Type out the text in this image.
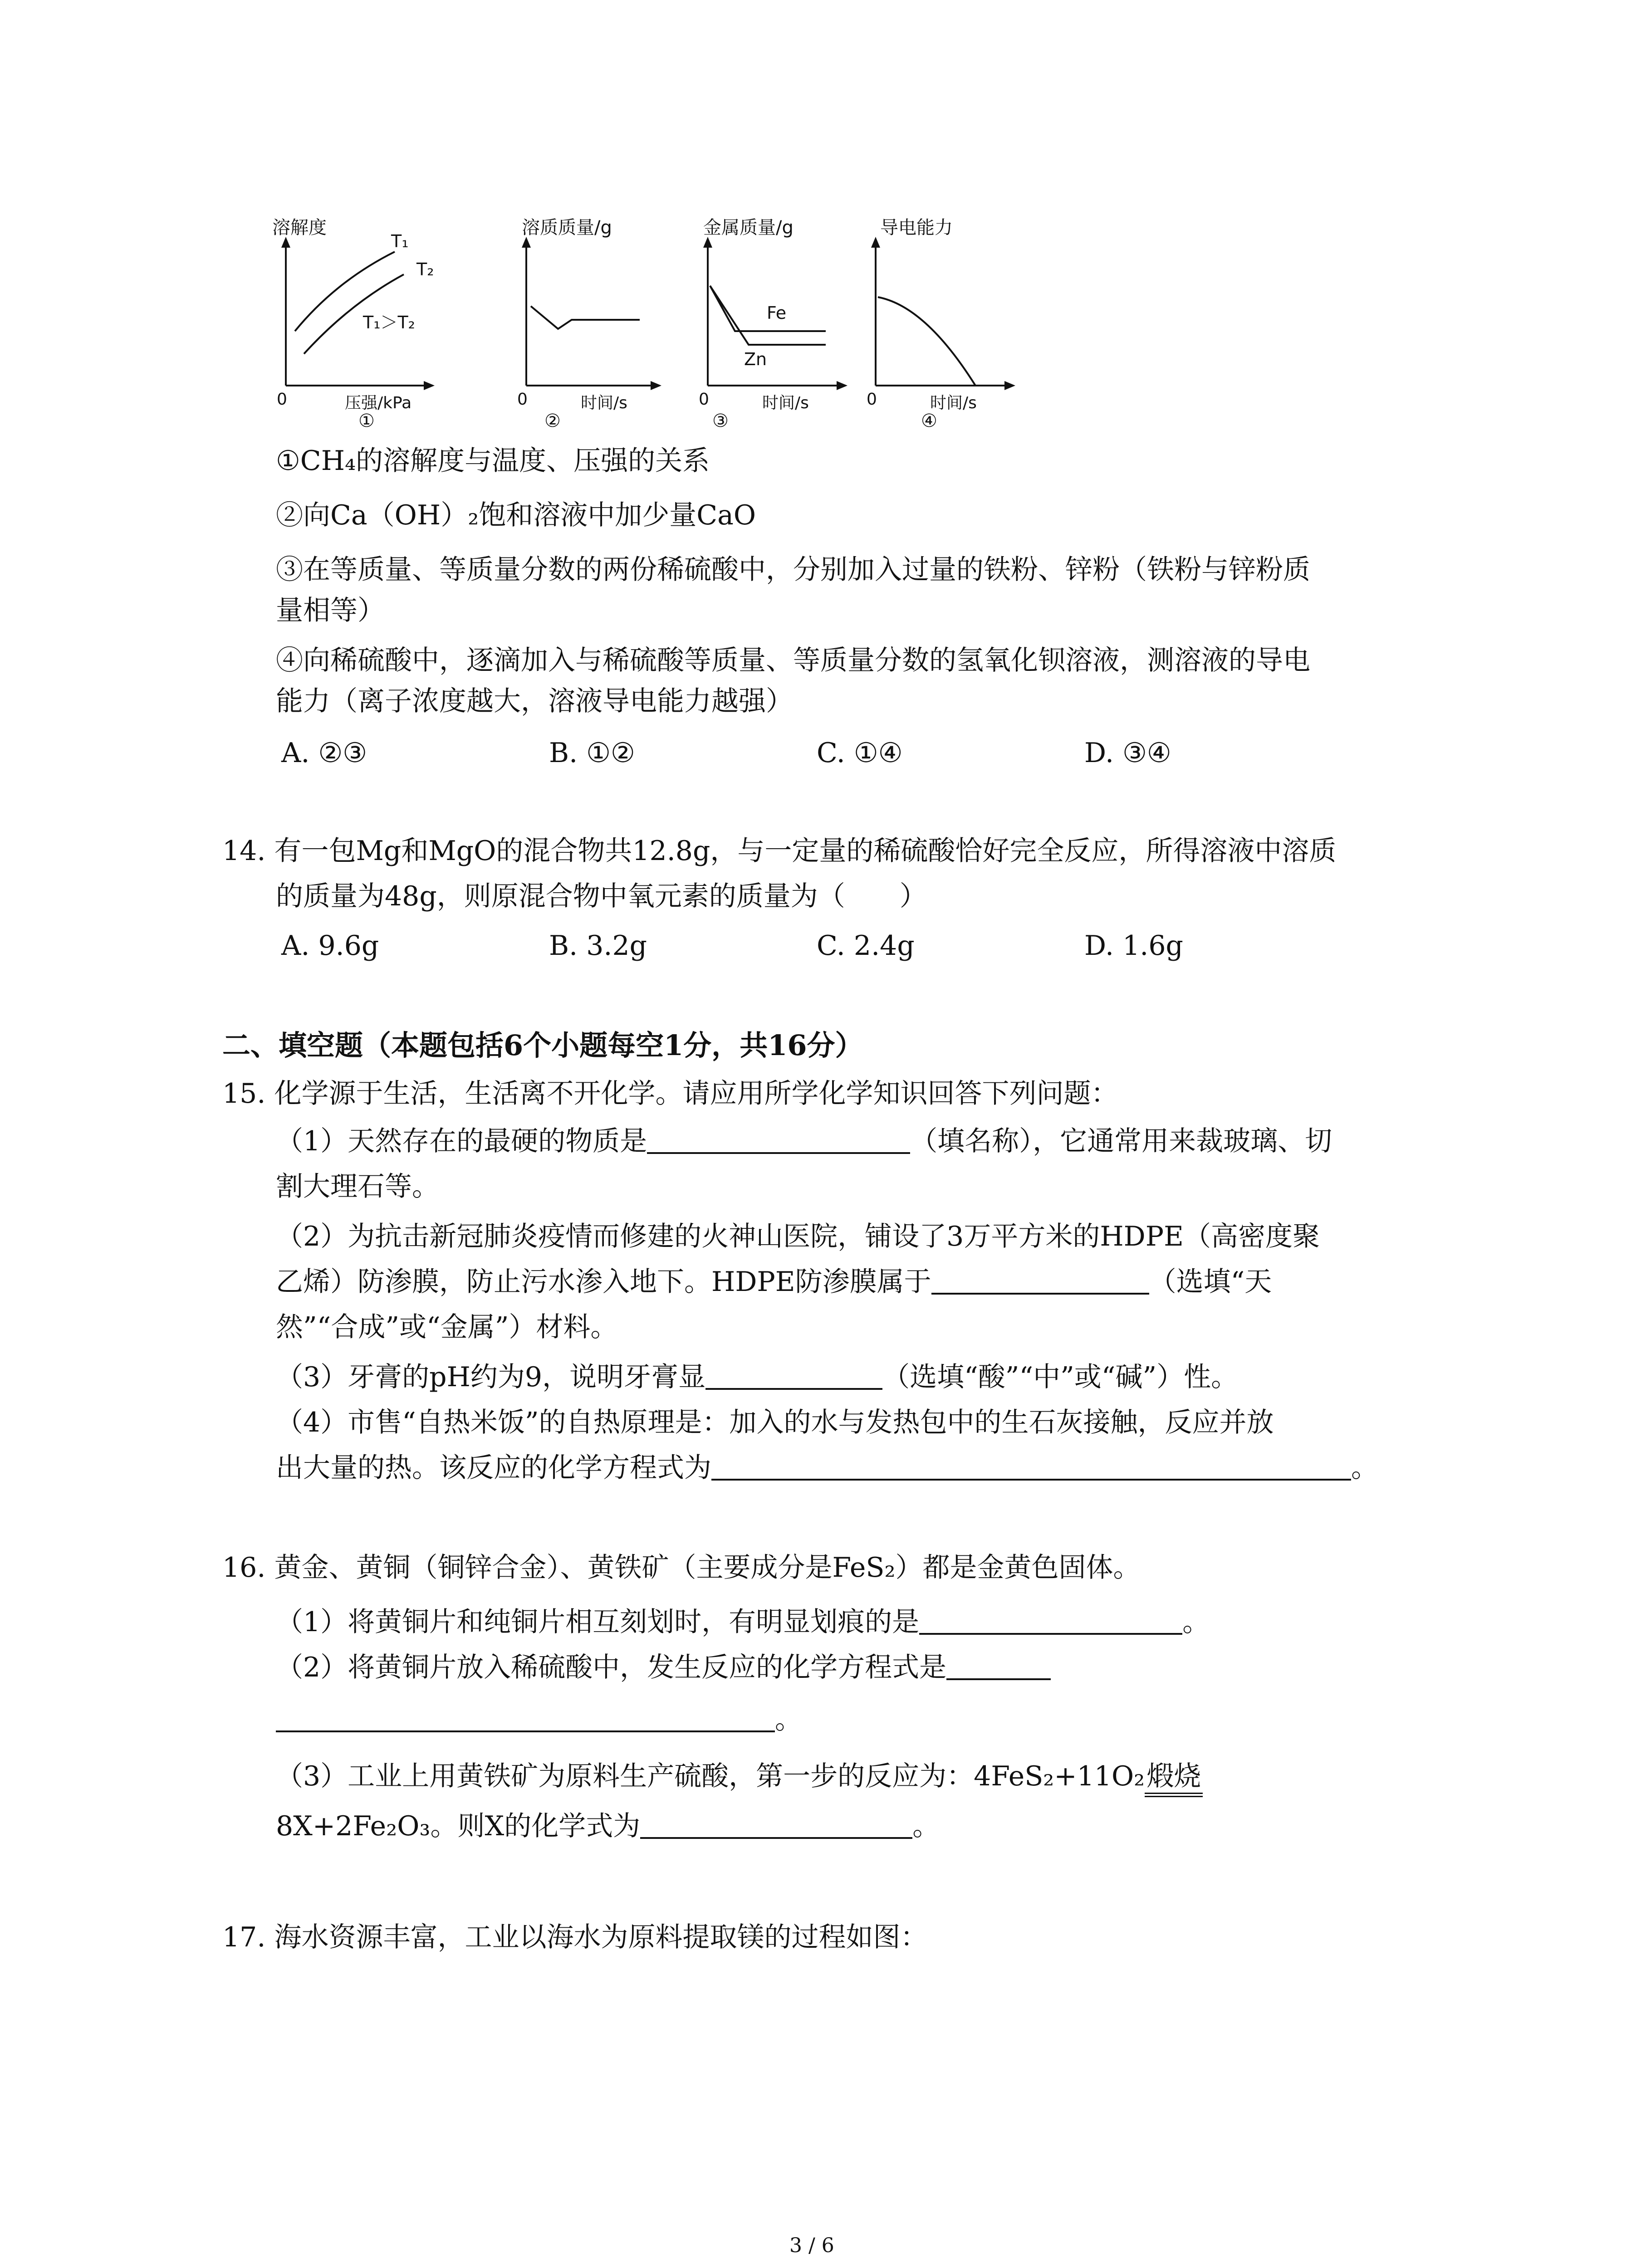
溶解度
T₁
T₂
T₁＞T₂
0	压强/kPa
①
溶质质量/g
0	时间/s
②
金属质量/g
Fe
Zn
0	时间/s
③
导电能力
0	时间/s
④
①CH₄的溶解度与温度、压强的关系
②向Ca（OH）₂饱和溶液中加少量CaO
③在等质量、等质量分数的两份稀硫酸中，分别加入过量的铁粉、锌粉（铁粉与锌粉质
量相等）
④向稀硫酸中，逐滴加入与稀硫酸等质量、等质量分数的氢氧化钡溶液，测溶液的导电
能力（离子浓度越大，溶液导电能力越强）
A. ②③	B. ①②	C. ①④	D. ③④
14. 有一包Mg和MgO的混合物共12.8g，与一定量的稀硫酸恰好完全反应，所得溶液中溶质
的质量为48g，则原混合物中氧元素的质量为（　　）
A. 9.6g	B. 3.2g	C. 2.4g	D. 1.6g
二、填空题（本题包括6个小题每空1分，共16分）
15. 化学源于生活，生活离不开化学。请应用所学化学知识回答下列问题：
（1）天然存在的最硬的物质是	（填名称），它通常用来裁玻璃、切
割大理石等。
（2）为抗击新冠肺炎疫情而修建的火神山医院，铺设了3万平方米的HDPE（高密度聚
乙烯）防渗膜，防止污水渗入地下。HDPE防渗膜属于	（选填“天
然”“合成”或“金属”）材料。
（3）牙膏的pH约为9，说明牙膏显	（选填“酸”“中”或“碱”）性。
（4）市售“自热米饭”的自热原理是：加入的水与发热包中的生石灰接触，反应并放
出大量的热。该反应的化学方程式为	。
16. 黄金、黄铜（铜锌合金）、黄铁矿（主要成分是FeS₂）都是金黄色固体。
（1）将黄铜片和纯铜片相互刻划时，有明显划痕的是	。
（2）将黄铜片放入稀硫酸中，发生反应的化学方程式是
。
（3）工业上用黄铁矿为原料生产硫酸，第一步的反应为：4FeS₂+11O₂煅烧
8X+2Fe₂O₃。则X的化学式为	。
17. 海水资源丰富，工业以海水为原料提取镁的过程如图：
3 / 6
